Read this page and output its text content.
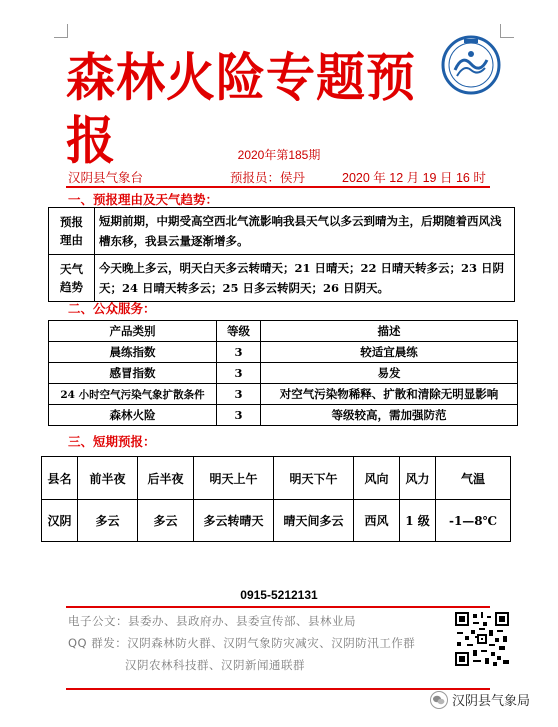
森林火险专题预报	2020年第185期
汉阴县气象台	预报员：侯丹	2020 年 12 月 19 日 16 时
一、预报理由及天气趋势：
预报
理由	短期前期，中期受高空西北气流影响我县天气以多云到晴为主，后期随着西风浅槽东移，我县云量逐渐增多。

天气
趋势	今天晚上多云，明天白天多云转晴天；21 日晴天；22 日晴天转多云；23 日阴天；24 日晴天转多云；25 日多云转阴天；26 日阴天。
二、公众服务：
产品类别	等级	描述
晨练指数	3	较适宜晨练
感冒指数	3	易发
24 小时空气污染气象扩散条件	3	对空气污染物稀释、扩散和清除无明显影响
森林火险	3	等级较高，需加强防范
三、短期预报：
县名	前半夜	后半夜	明天上午	明天下午	风向	风力	气温
汉阴	多云	多云	多云转晴天	晴天间多云	西风	1 级	-1—8℃
0915-5212131
电子公文：县委办、县政府办、县委宣传部、县林业局
QQ 群发：汉阴森林防火群、汉阴气象防灾减灾、汉阴防汛工作群
汉阴农林科技群、汉阴新闻通联群
汉阴县气象局
